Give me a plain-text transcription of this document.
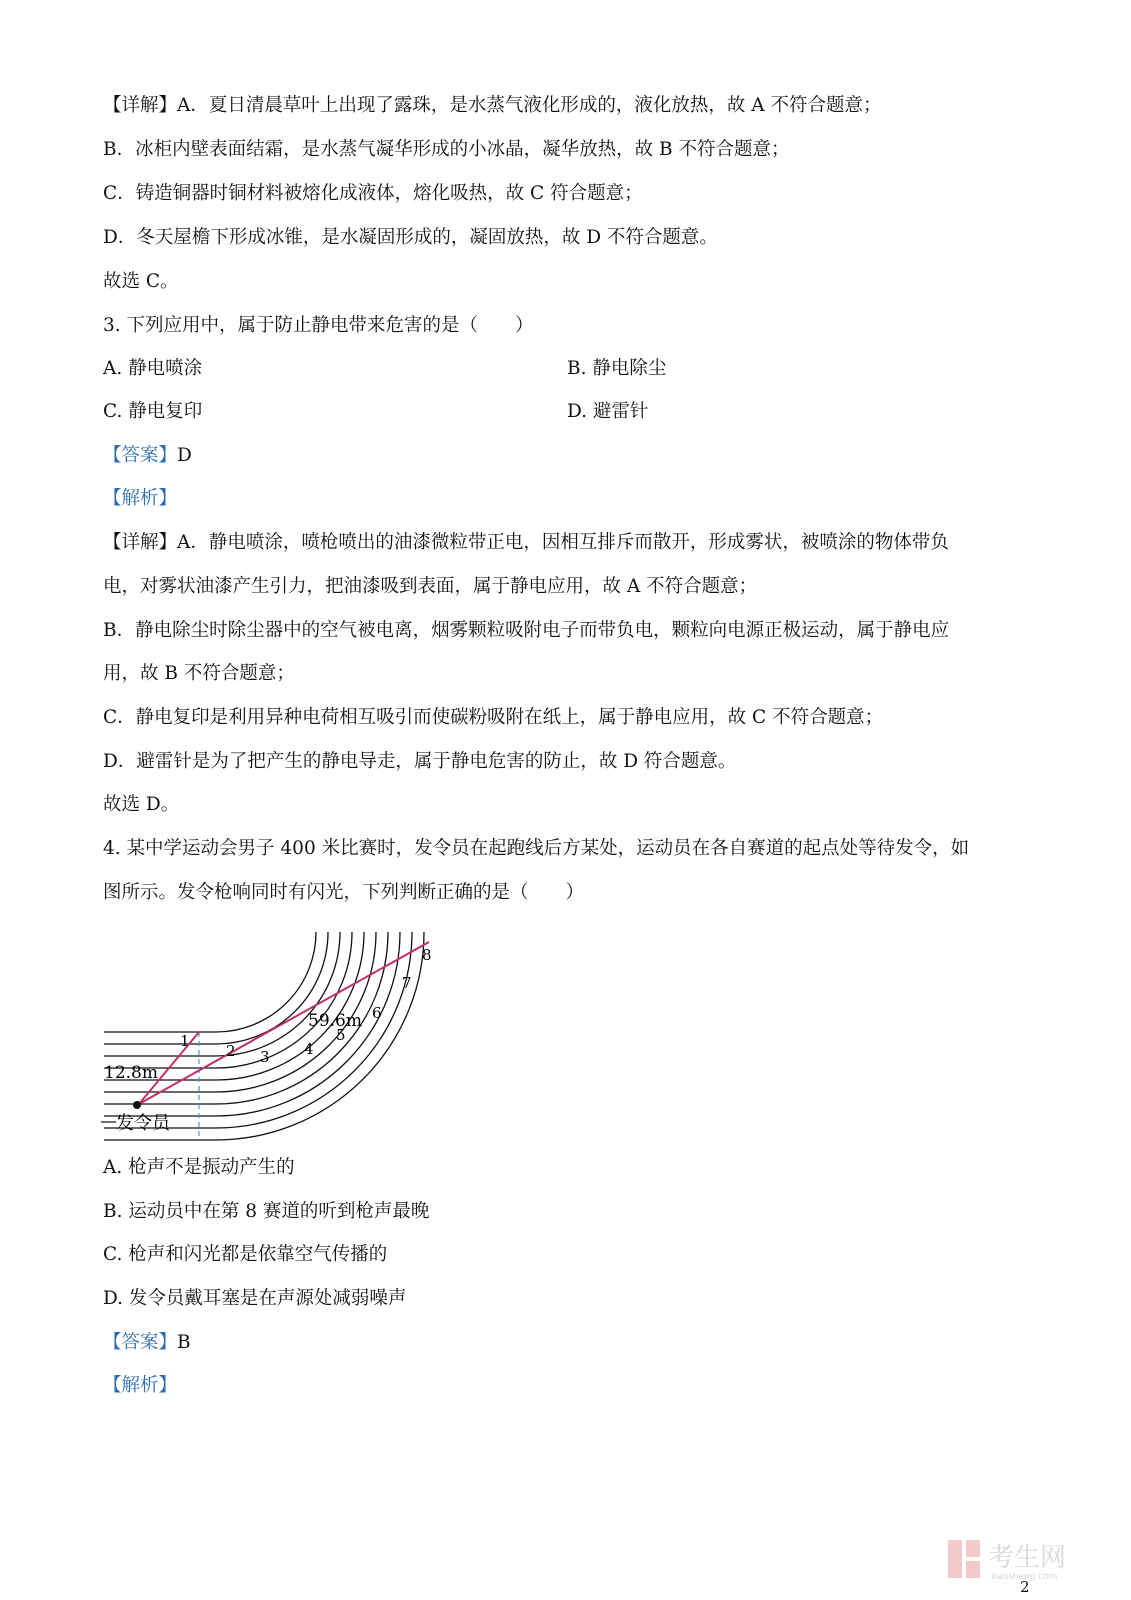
【详解】A．夏日清晨草叶上出现了露珠，是水蒸气液化形成的，液化放热，故 A 不符合题意；
B．冰柜内壁表面结霜，是水蒸气凝华形成的小冰晶，凝华放热，故 B 不符合题意；
C．铸造铜器时铜材料被熔化成液体，熔化吸热，故 C 符合题意；
D．冬天屋檐下形成冰锥，是水凝固形成的，凝固放热，故 D 不符合题意。
故选 C。
3. 下列应用中，属于防止静电带来危害的是（　　）
A. 静电喷涂	B. 静电除尘
C. 静电复印	D. 避雷针
【答案】D
【解析】
【详解】A．静电喷涂，喷枪喷出的油漆微粒带正电，因相互排斥而散开，形成雾状，被喷涂的物体带负
电，对雾状油漆产生引力，把油漆吸到表面，属于静电应用，故 A 不符合题意；
B．静电除尘时除尘器中的空气被电离，烟雾颗粒吸附电子而带负电，颗粒向电源正极运动，属于静电应
用，故 B 不符合题意；
C．静电复印是利用异种电荷相互吸引而使碳粉吸附在纸上，属于静电应用，故 C 不符合题意；
D．避雷针是为了把产生的静电导走，属于静电危害的防止，故 D 符合题意。
故选 D。
4. 某中学运动会男子 400 米比赛时，发令员在起跑线后方某处，运动员在各自赛道的起点处等待发令，如
图所示。发令枪响同时有闪光，下列判断正确的是（　　）
发令员
12.8m
59.6m
1
2 3 4
5
6
7
8
A. 枪声不是振动产生的
B. 运动员中在第 8 赛道的听到枪声最晚
C. 枪声和闪光都是依靠空气传播的
D. 发令员戴耳塞是在声源处减弱噪声
【答案】B
【解析】
考生网
kaosheng.com
2
